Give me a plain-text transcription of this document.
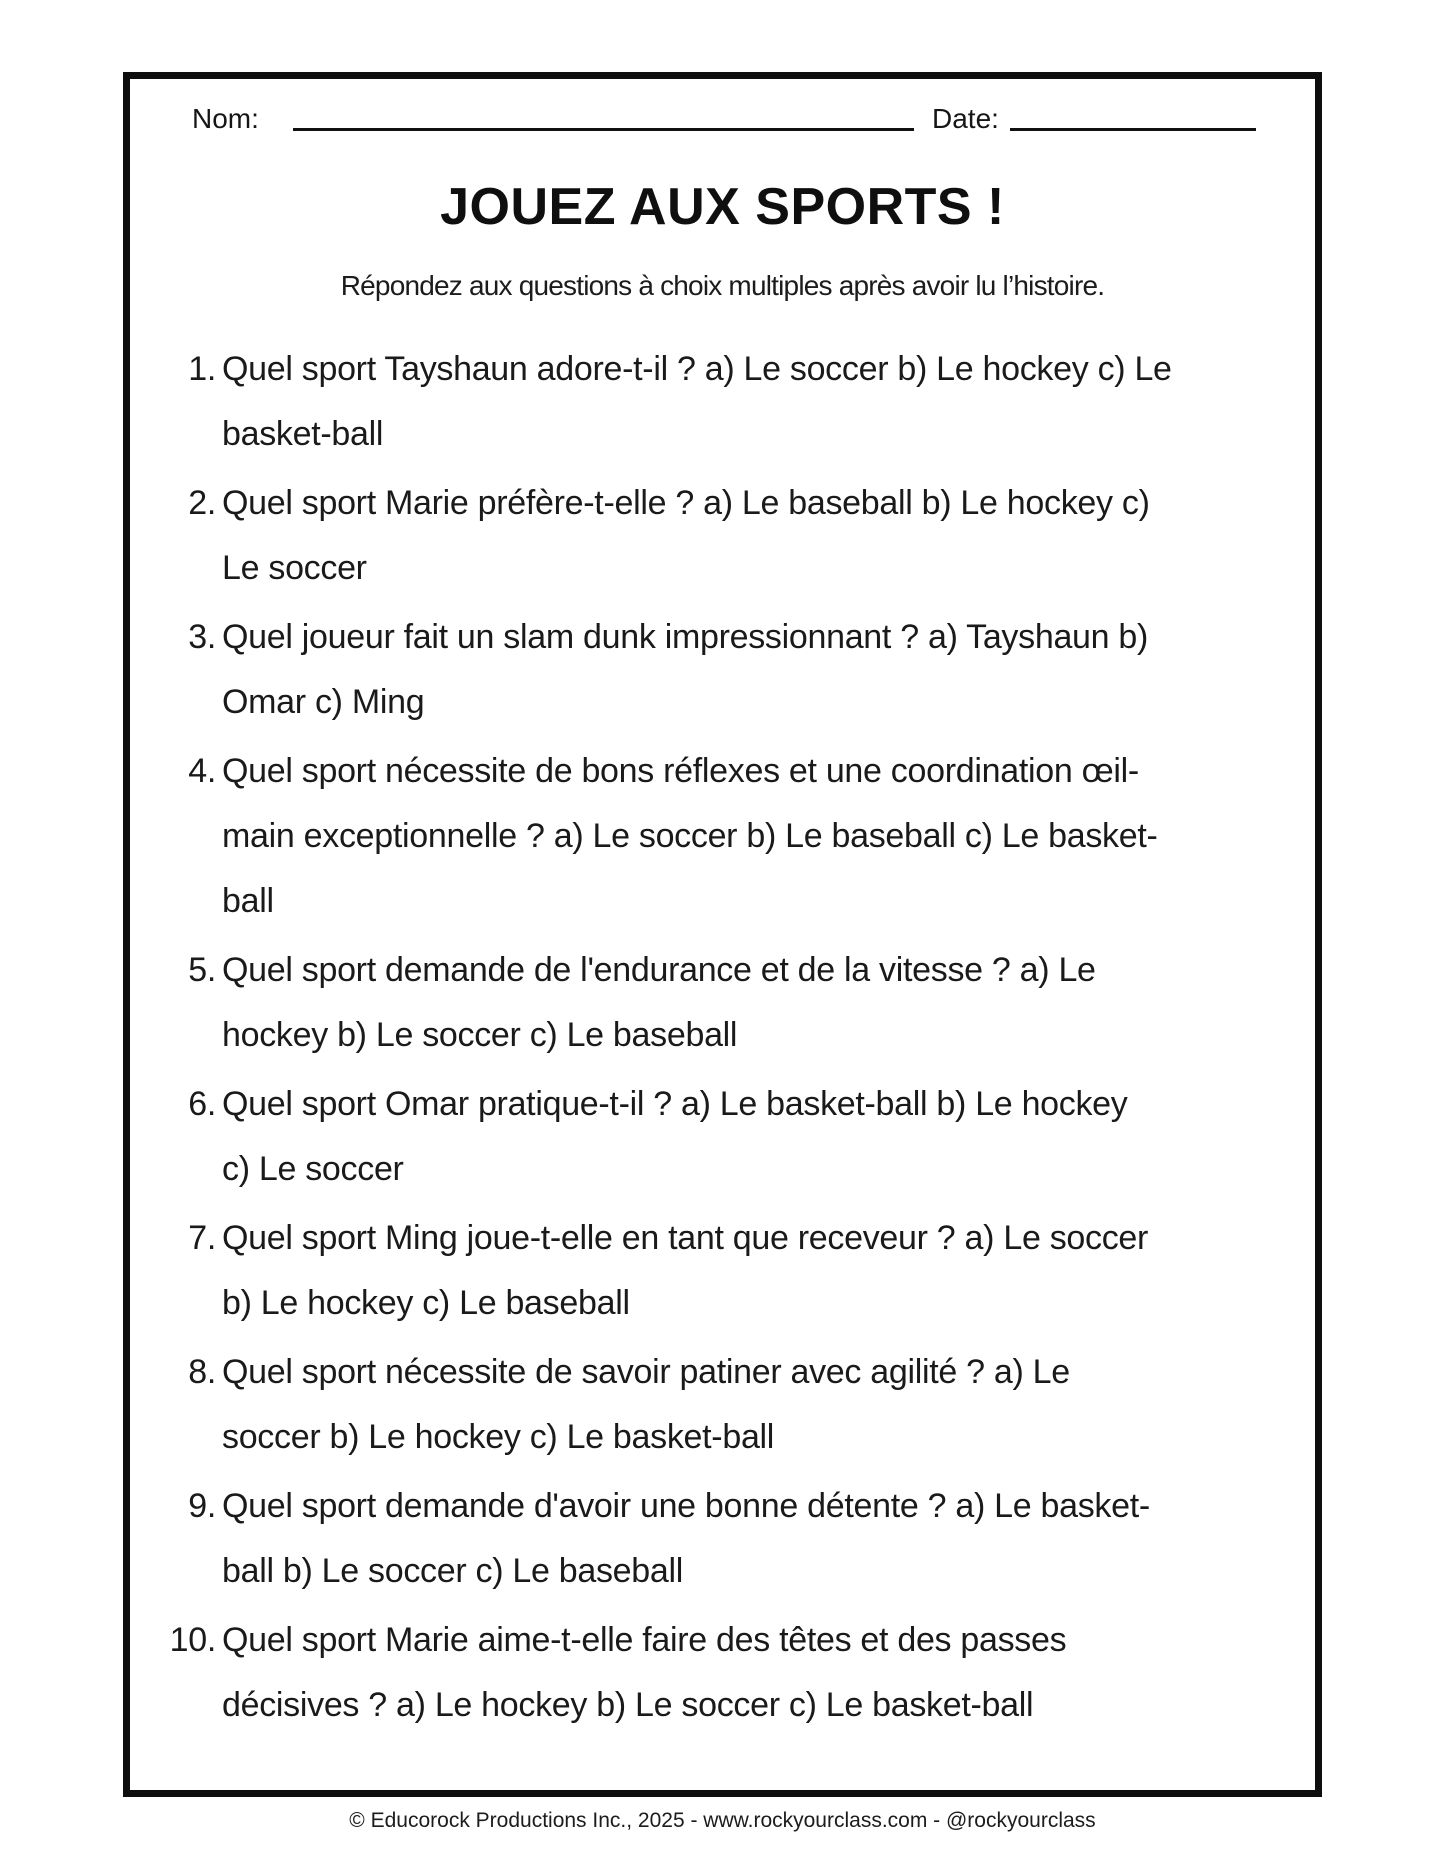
Nom:	Date:
JOUEZ AUX SPORTS !

Répondez aux questions à choix multiples après avoir lu l’histoire.

1. Quel sport Tayshaun adore-t-il ? a) Le soccer b) Le hockey c) Le
basket-ball
2. Quel sport Marie préfère-t-elle ? a) Le baseball b) Le hockey c)
Le soccer
3. Quel joueur fait un slam dunk impressionnant ? a) Tayshaun b)
Omar c) Ming
4. Quel sport nécessite de bons réflexes et une coordination œil-
main exceptionnelle ? a) Le soccer b) Le baseball c) Le basket-
ball
5. Quel sport demande de l'endurance et de la vitesse ? a) Le
hockey b) Le soccer c) Le baseball
6. Quel sport Omar pratique-t-il ? a) Le basket-ball b) Le hockey
c) Le soccer
7. Quel sport Ming joue-t-elle en tant que receveur ? a) Le soccer
b) Le hockey c) Le baseball
8. Quel sport nécessite de savoir patiner avec agilité ? a) Le
soccer b) Le hockey c) Le basket-ball
9. Quel sport demande d'avoir une bonne détente ? a) Le basket-
ball b) Le soccer c) Le baseball
10. Quel sport Marie aime-t-elle faire des têtes et des passes
décisives ? a) Le hockey b) Le soccer c) Le basket-ball

© Educorock Productions Inc., 2025 - www.rockyourclass.com - @rockyourclass
